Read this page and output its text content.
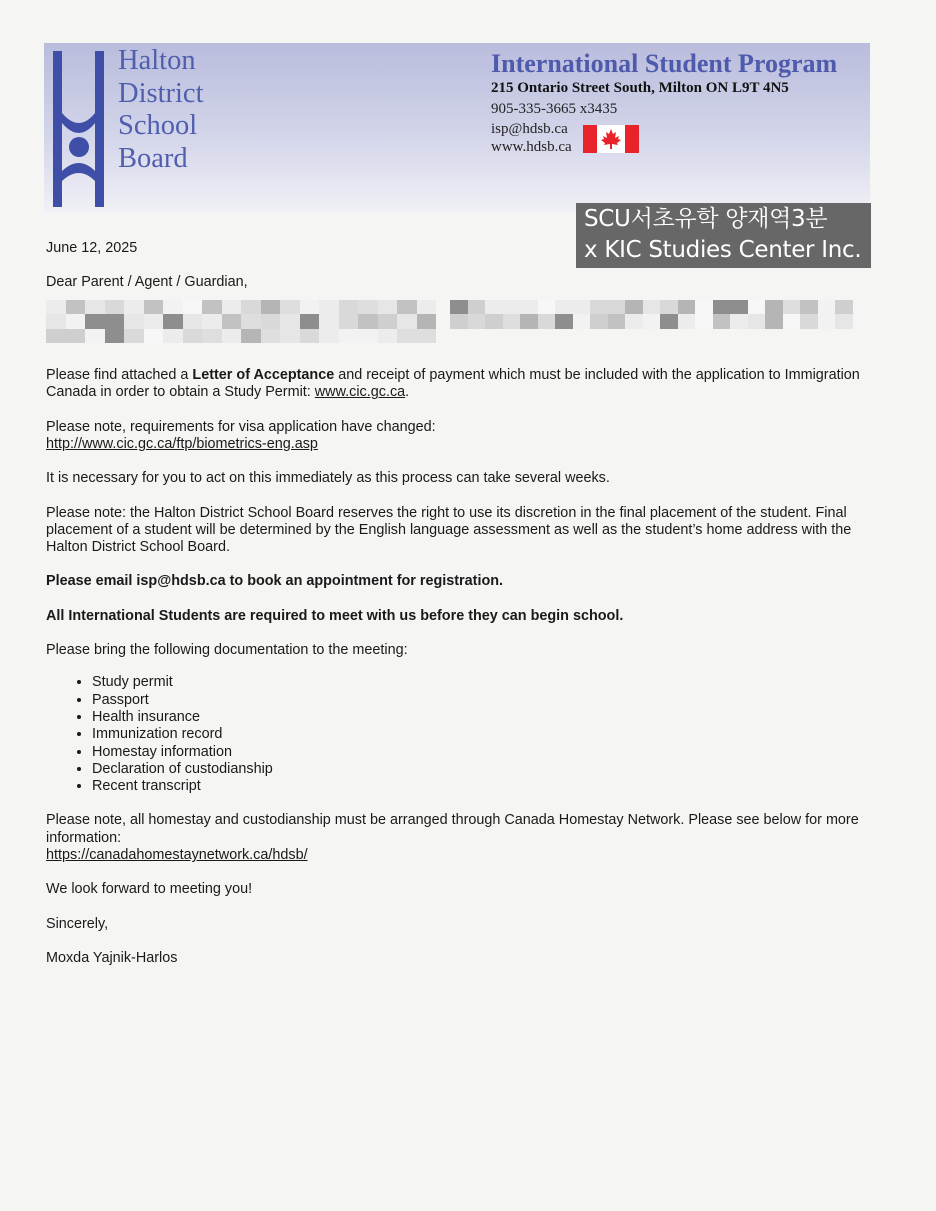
Halton
District
School
Board
International Student Program
215 Ontario Street South, Milton ON L9T 4N5
905-335-3665 x3435
isp@hdsb.ca
www.hdsb.ca
SCU서초유학 양재역3분
x KIC Studies Center Inc.

June 12, 2025

Dear Parent / Agent / Guardian,

Please find attached a Letter of Acceptance and receipt of payment which must be included with the application to Immigration Canada in order to obtain a Study Permit: www.cic.gc.ca.

Please note, requirements for visa application have changed:
http://www.cic.gc.ca/ftp/biometrics-eng.asp

It is necessary for you to act on this immediately as this process can take several weeks.

Please note: the Halton District School Board reserves the right to use its discretion in the final placement of the student. Final placement of a student will be determined by the English language assessment as well as the student’s home address with the Halton District School Board.

Please email isp@hdsb.ca to book an appointment for registration.

All International Students are required to meet with us before they can begin school.

Please bring the following documentation to the meeting:

• Study permit
• Passport
• Health insurance
• Immunization record
• Homestay information
• Declaration of custodianship
• Recent transcript

Please note, all homestay and custodianship must be arranged through Canada Homestay Network. Please see below for more information:
https://canadahomestaynetwork.ca/hdsb/

We look forward to meeting you!

Sincerely,

Moxda Yajnik-Harlos
